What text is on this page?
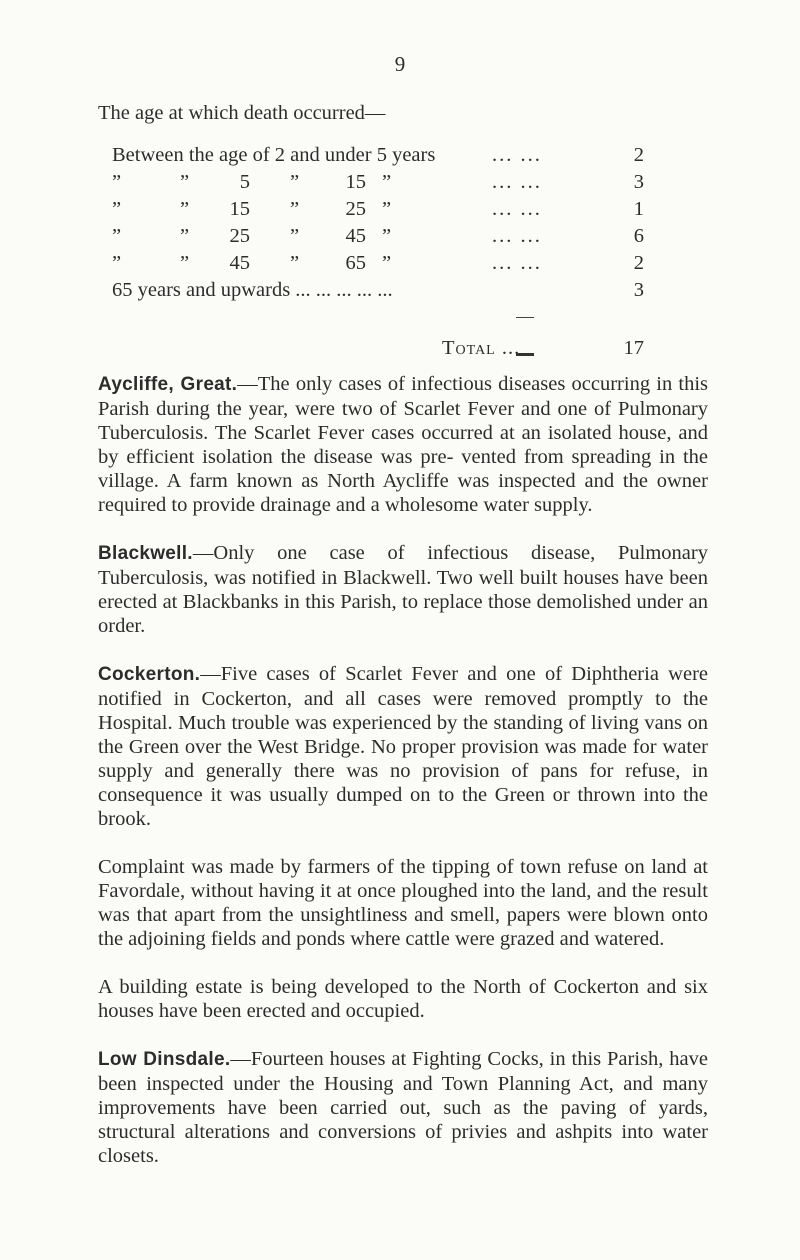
9

The age at which death occurred—

Between the age of 2 and under 5 years	... ...	2
”	”	5 ”	15 ”	... ...	3
”	”	15 ”	25 ”	... ...	1
”	”	25 ”	45 ”	... ...	6
”	”	45 ”	65 ”	... ...	2
65 years and upwards ... ... ... ... ...	3
Total ...	17

Aycliffe, Great.—The only cases of infectious diseases occurring in this Parish during the year, were two of Scarlet Fever and one of Pulmonary Tuberculosis. The Scarlet Fever cases occurred at an isolated house, and by efficient isolation the disease was pre- vented from spreading in the village. A farm known as North Aycliffe was inspected and the owner required to provide drainage and a wholesome water supply.

Blackwell.—Only one case of infectious disease, Pulmonary Tuberculosis, was notified in Blackwell. Two well built houses have been erected at Blackbanks in this Parish, to replace those demolished under an order.

Cockerton.—Five cases of Scarlet Fever and one of Diphtheria were notified in Cockerton, and all cases were removed promptly to the Hospital. Much trouble was experienced by the standing of living vans on the Green over the West Bridge. No proper provision was made for water supply and generally there was no provision of pans for refuse, in consequence it was usually dumped on to the Green or thrown into the brook.

Complaint was made by farmers of the tipping of town refuse on land at Favordale, without having it at once ploughed into the land, and the result was that apart from the unsightliness and smell, papers were blown onto the adjoining fields and ponds where cattle were grazed and watered.

A building estate is being developed to the North of Cockerton and six houses have been erected and occupied.

Low Dinsdale.—Fourteen houses at Fighting Cocks, in this Parish, have been inspected under the Housing and Town Planning Act, and many improvements have been carried out, such as the paving of yards, structural alterations and conversions of privies and ashpits into water closets.
